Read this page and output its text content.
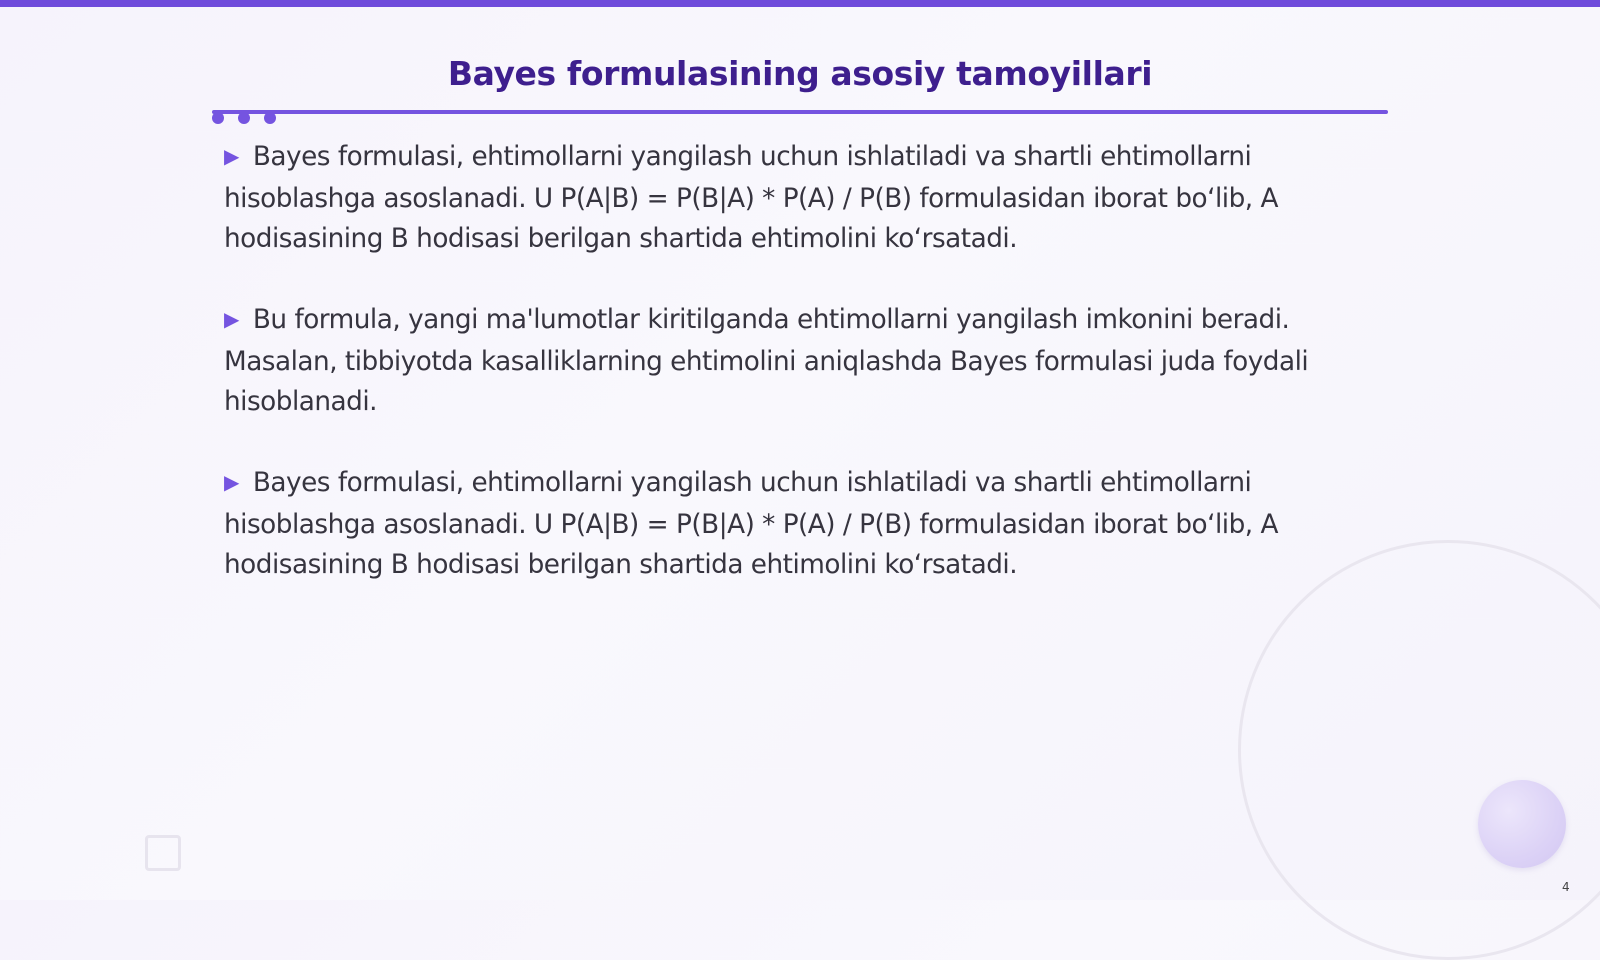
Bayes formulasining asosiy tamoyillari

▶ Bayes formulasi, ehtimollarni yangilash uchun ishlatiladi va shartli ehtimollarni hisoblashga asoslanadi. U P(A|B) = P(B|A) * P(A) / P(B) formulasidan iborat bo‘lib, A hodisasining B hodisasi berilgan shartida ehtimolini ko‘rsatadi.

▶ Bu formula, yangi ma'lumotlar kiritilganda ehtimollarni yangilash imkonini beradi. Masalan, tibbiyotda kasalliklarning ehtimolini aniqlashda Bayes formulasi juda foydali hisoblanadi.

▶ Bayes formulasi, ehtimollarni yangilash uchun ishlatiladi va shartli ehtimollarni hisoblashga asoslanadi. U P(A|B) = P(B|A) * P(A) / P(B) formulasidan iborat bo‘lib, A hodisasining B hodisasi berilgan shartida ehtimolini ko‘rsatadi.

4
